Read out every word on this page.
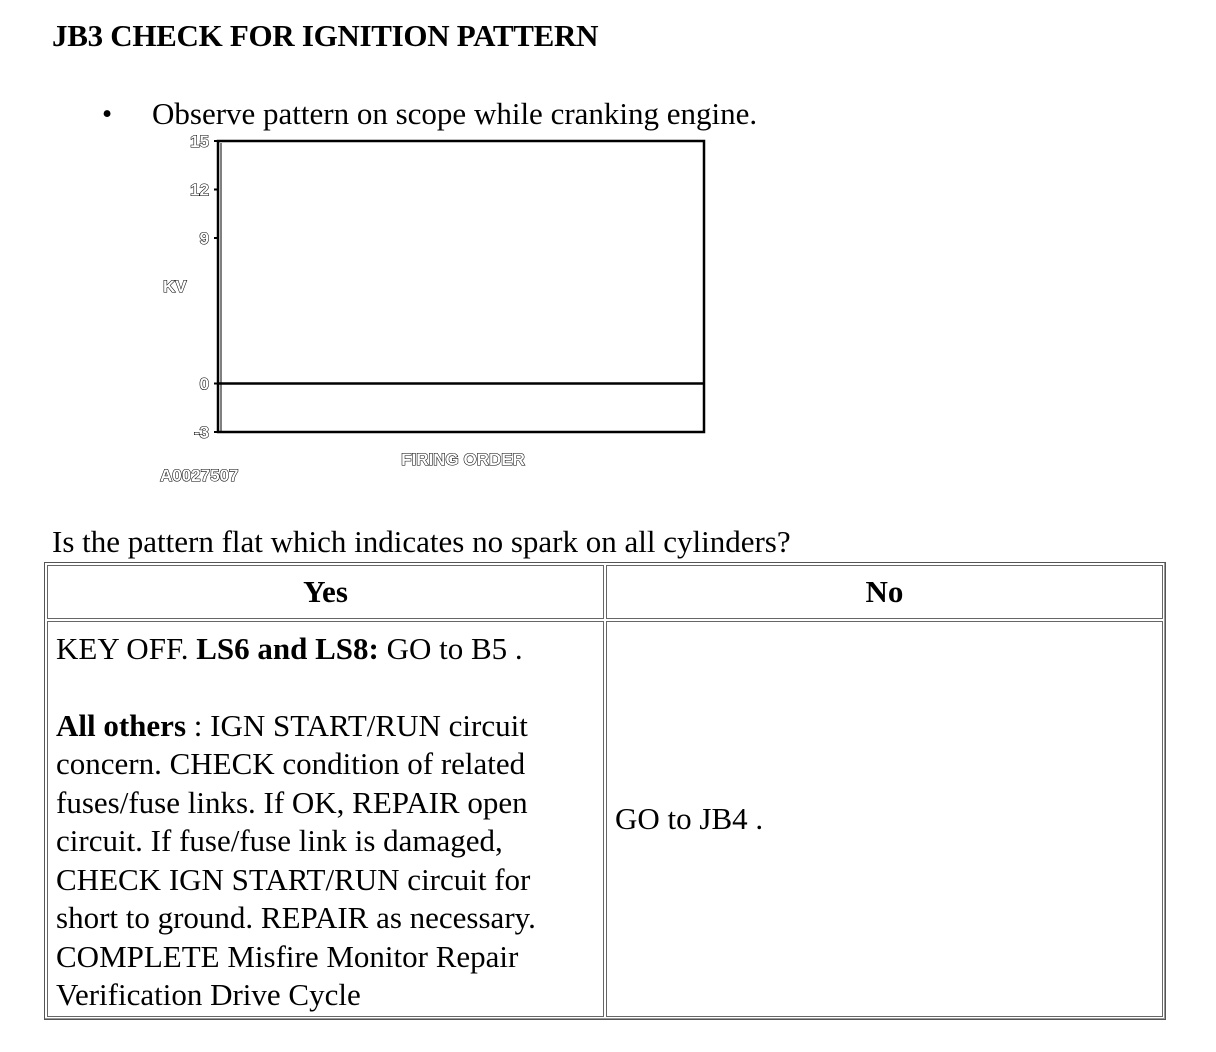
JB3 CHECK FOR IGNITION PATTERN
• Observe pattern on scope while cranking engine.
15
12
9
0
-3
KV
FIRING ORDER
A0027507
Is the pattern flat which indicates no spark on all cylinders?
Yes	No

KEY OFF. LS6 and LS8: GO to B5 .
All others : IGN START/RUN circuit concern. CHECK condition of related fuses/fuse links. If OK, REPAIR open circuit. If fuse/fuse link is damaged, CHECK IGN START/RUN circuit for short to ground. REPAIR as necessary. COMPLETE Misfire Monitor Repair Verification Drive Cycle	GO to JB4 .
